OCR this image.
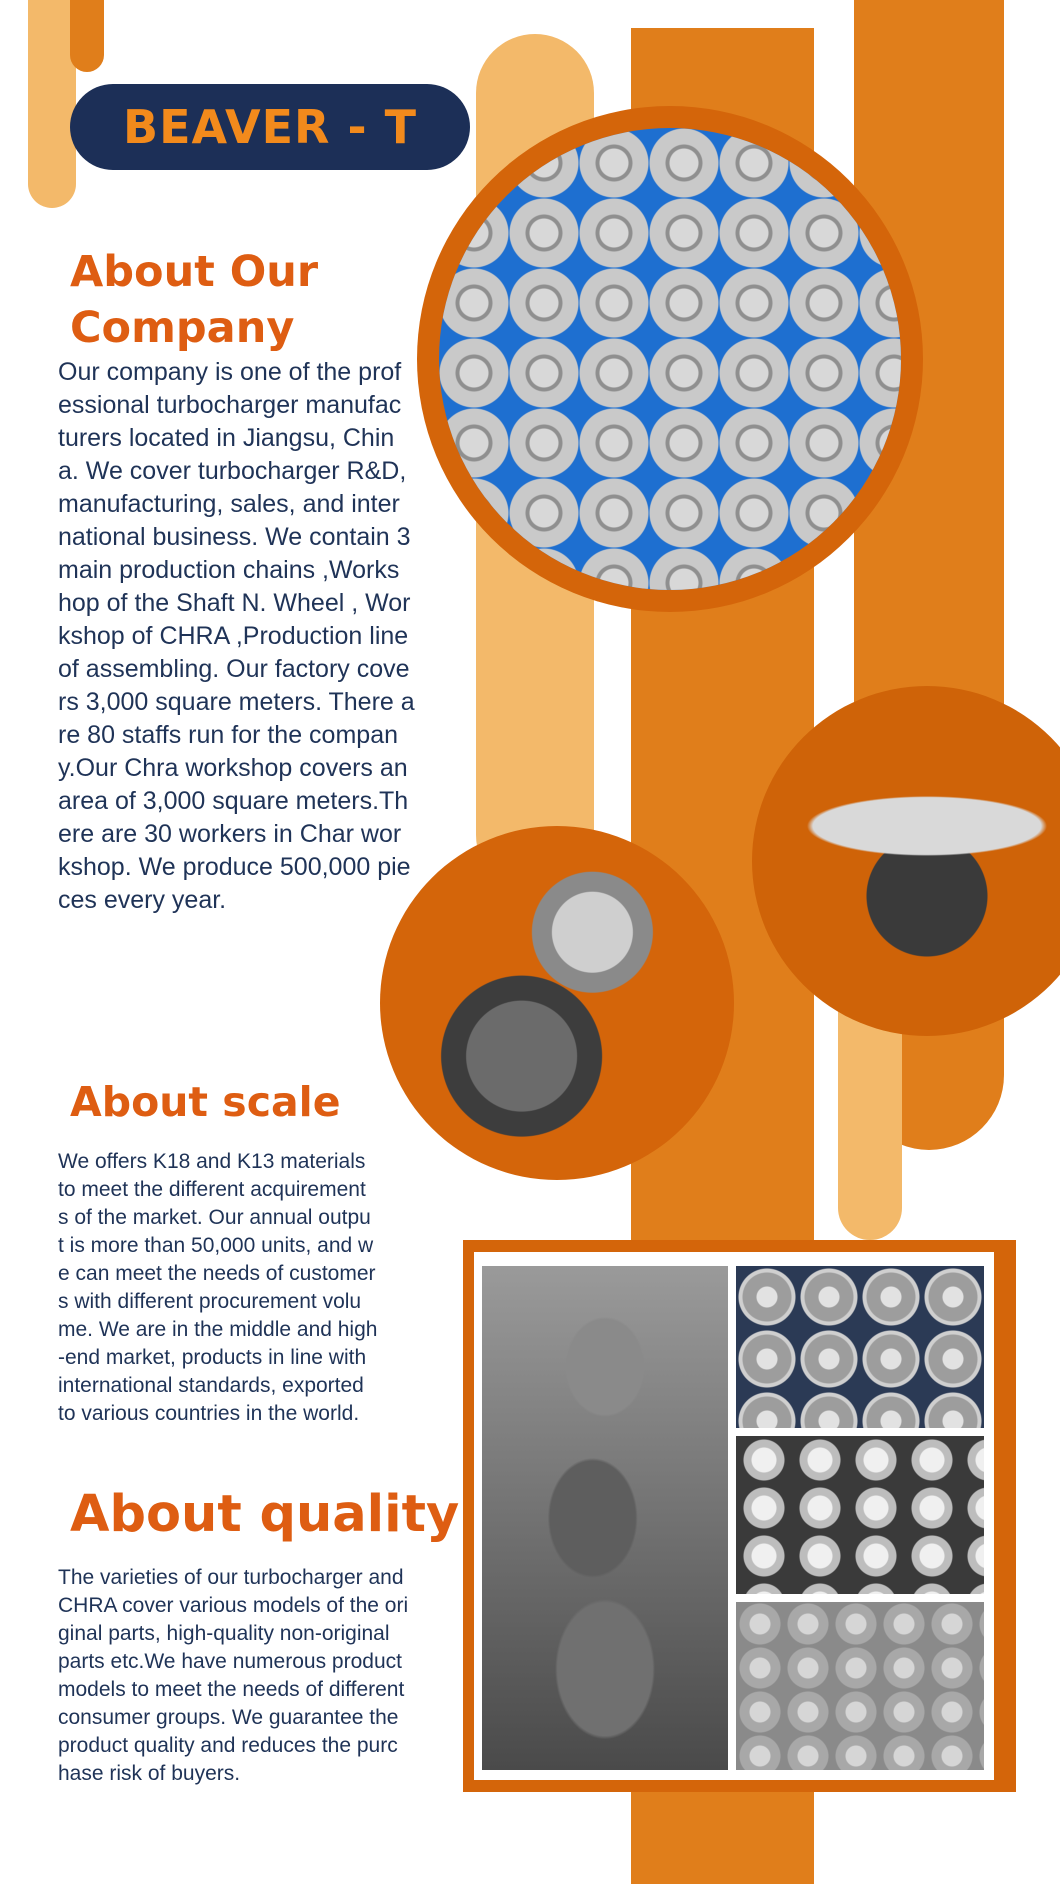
BEAVER - T
About Our
Company

Our company is one of the prof
essional turbocharger manufac
turers located in Jiangsu, Chin
a. We cover turbocharger R&D,
manufacturing, sales, and inter
national business. We contain 3
main production chains ,Works
hop of the Shaft N. Wheel , Wor
kshop of CHRA ,Production line
of assembling. Our factory cove
rs 3,000 square meters. There a
re 80 staffs run for the compan
y.Our Chra workshop covers an
area of 3,000 square meters.Th
ere are 30 workers in Char wor
kshop. We produce 500,000 pie
ces every year.

About scale

We offers K18 and K13 materials
to meet the different acquirement
s of the market. Our annual outpu
t is more than 50,000 units, and w
e can meet the needs of customer
s with different procurement volu
me. We are in the middle and high
-end market, products in line with
international standards, exported
to various countries in the world.

About quality

The varieties of our turbocharger and
CHRA cover various models of the ori
ginal parts, high-quality non-original
parts etc.We have numerous product
models to meet the needs of different
consumer groups. We guarantee the
product quality and reduces the purc
hase risk of buyers.
